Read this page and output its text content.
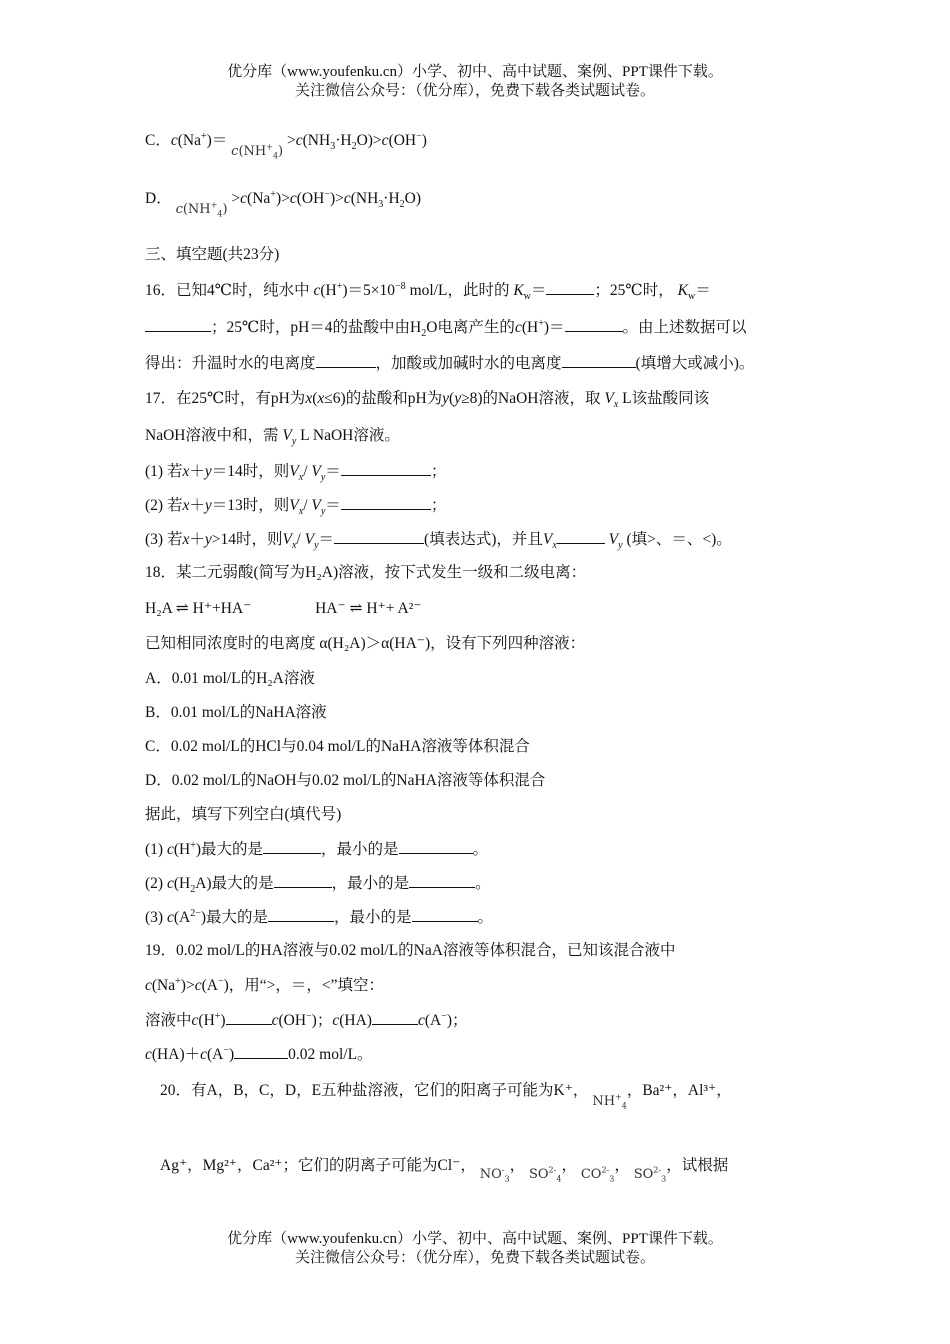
优分库（www.youfenku.cn）小学、初中、高中试题、案例、PPT课件下载。
关注微信公众号：（优分库），免费下载各类试题试卷。
C．$c(Na^+)= c(NH^+_4) >c(NH_3\cdot H_2O)>c(OH^-)$
D． $c(NH^+_4) >c(Na^+)>c(OH^-)>c(NH_3\cdot H_2O)$
三、填空题(共23分)
16．已知4℃时，纯水中 $c(H^+)=5\times 10^{-8}$ mol/L，此时的 $K_w=$	；25℃时， $K_w=$
；25℃时，pH＝4的盐酸中由$H_2O$电离产生的c(H+)＝	。由上述数据可以
得出：升温时水的电离度	，加酸或加碱时水的电离度	(填增大或减小)。
17．在25℃时，有pH为x(x≤6)的盐酸和pH为y(y≥8)的NaOH溶液，取 $V_x$ L该盐酸同该
NaOH溶液中和，需 $V_y$ L NaOH溶液。
(1) 若x＋y＝14时，则$V_x/$ $V_y=$	；
(2) 若x＋y＝13时，则$V_x/$ $V_y=$	；
(3) 若x＋y>14时，则$V_x/$ $V_y=$	(填表达式)，并且$V_x$	$V_y$ (填>、＝、<)。
18．某二元弱酸(简写为H₂A)溶液，按下式发生一级和二级电离：
H₂A ⇌ H⁺+HA⁻	HA⁻ ⇌ H⁺+ A²⁻
已知相同浓度时的电离度 α(H₂A)＞α(HA⁻)，设有下列四种溶液：
A．0.01 mol/L的H₂A溶液
B．0.01 mol/L的NaHA溶液
C．0.02 mol/L的HCl与0.04 mol/L的NaHA溶液等体积混合
D．0.02 mol/L的NaOH与0.02 mol/L的NaHA溶液等体积混合
据此，填写下列空白(填代号)
(1) c(H+)最大的是	，最小的是	。
(2) $c(H_2A)$最大的是	，最小的是	。
(3) $c(A^{2-})$最大的是	，最小的是	。
19．0.02 mol/L的HA溶液与0.02 mol/L的NaA溶液等体积混合，已知该混合液中
c(Na+)>c(A−)，用“>，＝，<”填空：
溶液中c(H+)	c(OH−)；c(HA)	c(A−)；
c(HA)＋c(A−)	0.02 mol/L。
20．有A，B，C，D，E五种盐溶液，它们的阳离子可能为K⁺， $NH^+_4$，Ba²⁺，Al³⁺，
Ag⁺，Mg²⁺，Ca²⁺；它们的阴离子可能为Cl⁻， $NO^-_3$， $SO^{2-}_4$， $CO^{2-}_3$， $SO^{2-}_3$，试根据
优分库（www.youfenku.cn）小学、初中、高中试题、案例、PPT课件下载。
关注微信公众号：（优分库），免费下载各类试题试卷。
